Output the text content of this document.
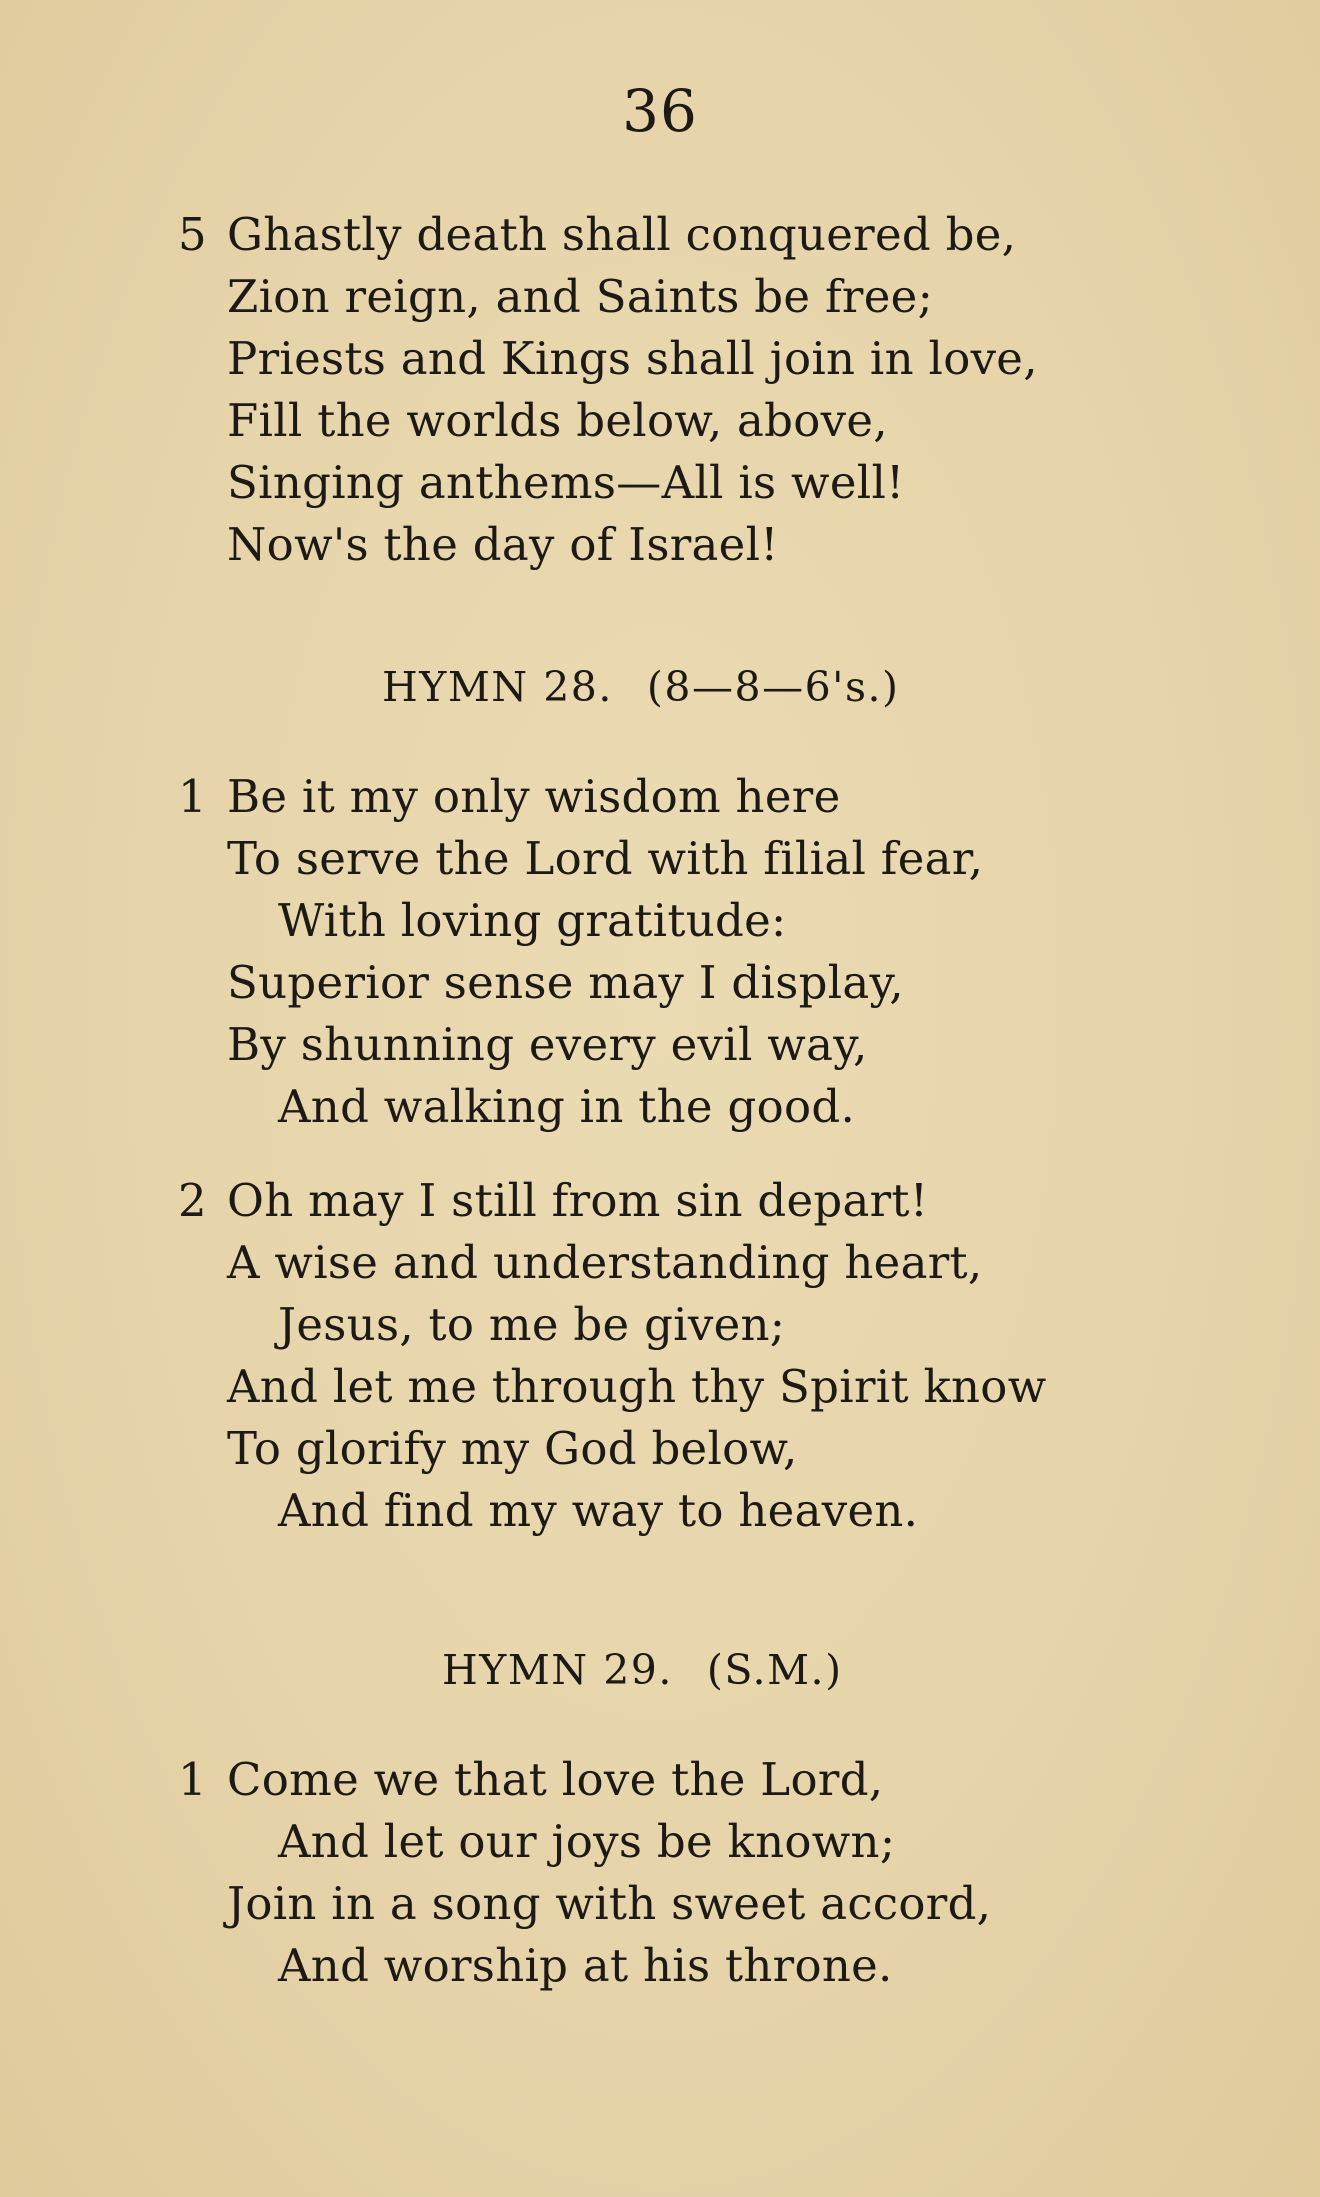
36
5 Ghastly death shall conquered be,
Zion reign, and Saints be free;
Priests and Kings shall join in love,
Fill the worlds below, above,
Singing anthems—All is well!
Now's the day of Israel!
HYMN 28. (8—8—6's.)
1 Be it my only wisdom here
To serve the Lord with filial fear,
With loving gratitude:
Superior sense may I display,
By shunning every evil way,
And walking in the good.
2 Oh may I still from sin depart!
A wise and understanding heart,
Jesus, to me be given;
And let me through thy Spirit know
To glorify my God below,
And find my way to heaven.
HYMN 29. (S.M.)
1 Come we that love the Lord,
And let our joys be known;
Join in a song with sweet accord,
And worship at his throne.
